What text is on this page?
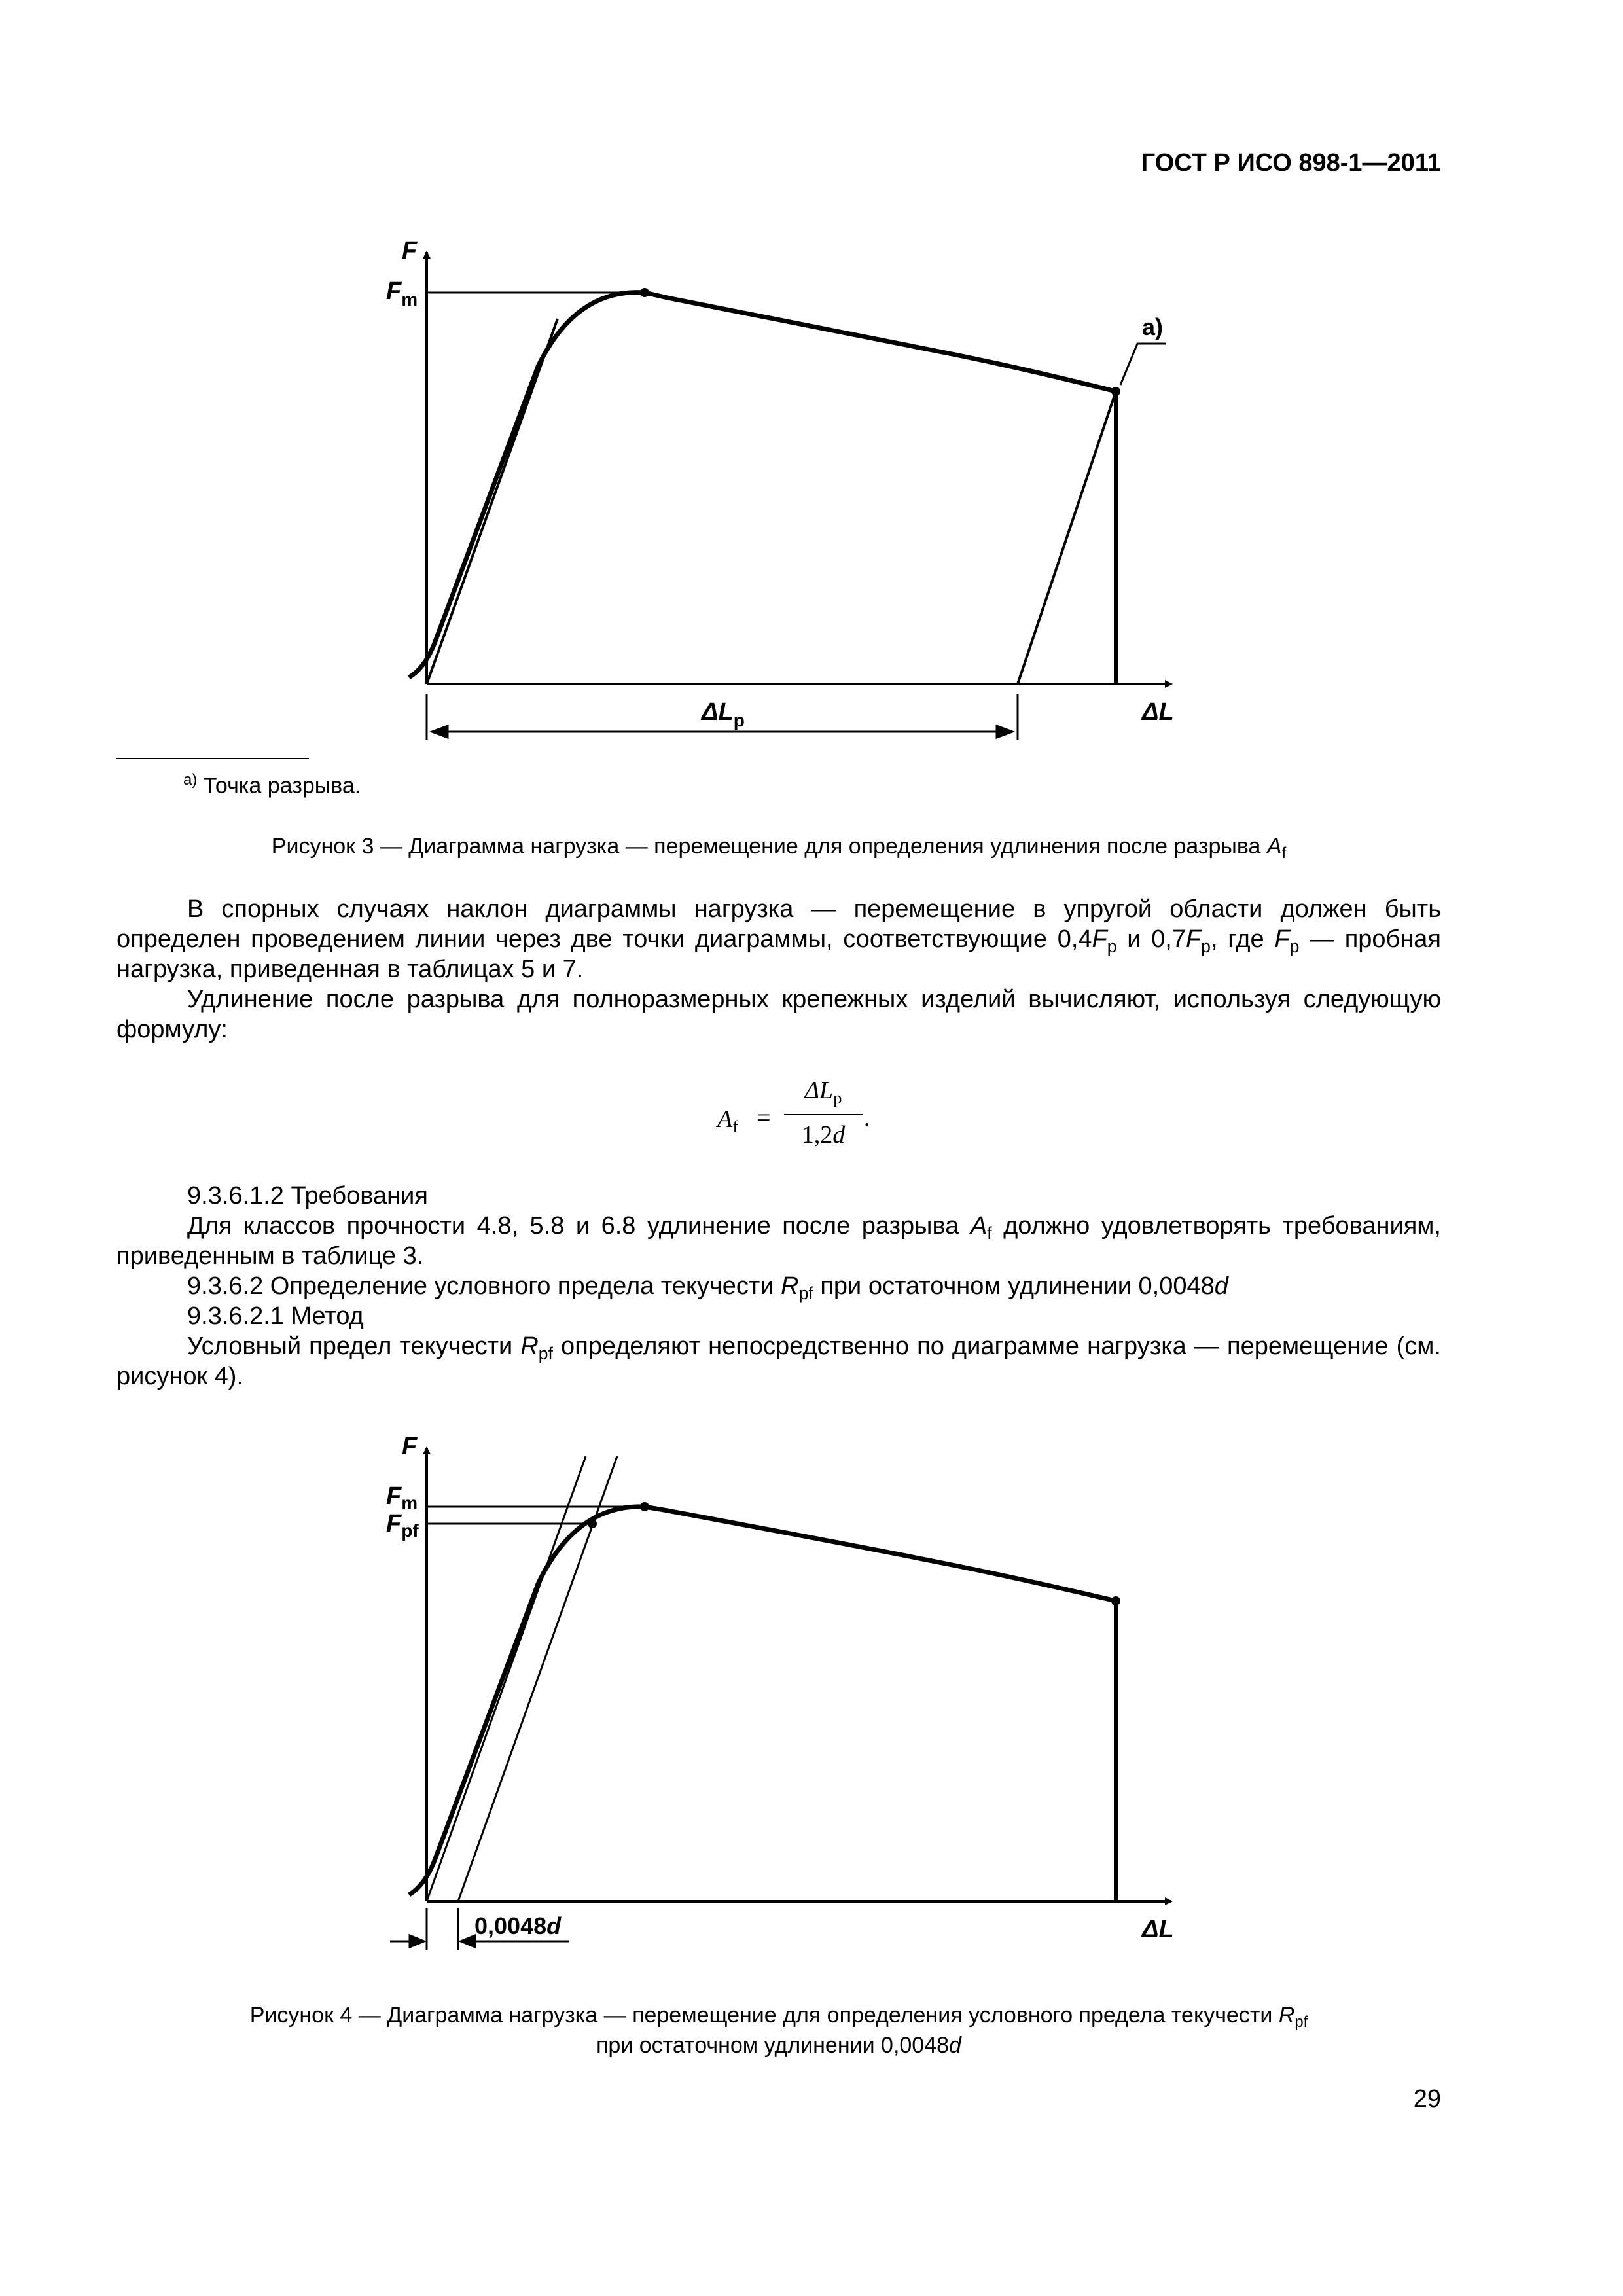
ГОСТ Р ИСО 898-1—2011
F
$F_m$
а)
$\Delta L_p$	ΔL
$^{а)}$ Точка разрыва.
Рисунок 3 — Диаграмма нагрузка — перемещение для определения удлинения после разрыва $A_f$

В спорных случаях наклон диаграммы нагрузка — перемещение в упругой области должен быть определен проведением линии через две точки диаграммы, соответствующие $0,4F_p$ и $0,7F_p$, где $F_p$ — пробная нагрузка, приведенная в таблицах 5 и 7.

Удлинение после разрыва для полноразмерных крепежных изделий вычисляют, используя следующую формулу:

$A_f$ =
$\Delta L_p$
1,2d
.

9.3.6.1.2 Требования

Для классов прочности 4.8, 5.8 и 6.8 удлинение после разрыва $A_f$ должно удовлетворять требованиям, приведенным в таблице 3.

9.3.6.2 Определение условного предела текучести $R_{pf}$ при остаточном удлинении 0,0048d

9.3.6.2.1 Метод

Условный предел текучести $R_{pf}$ определяют непосредственно по диаграмме нагрузка — перемещение (см. рисунок 4).

F
$F_m$
$F_{pf}$
ΔL
0,0048d
Рисунок 4 — Диаграмма нагрузка — перемещение для определения условного предела текучести $R_{pf}$
при остаточном удлинении 0,0048d
29
